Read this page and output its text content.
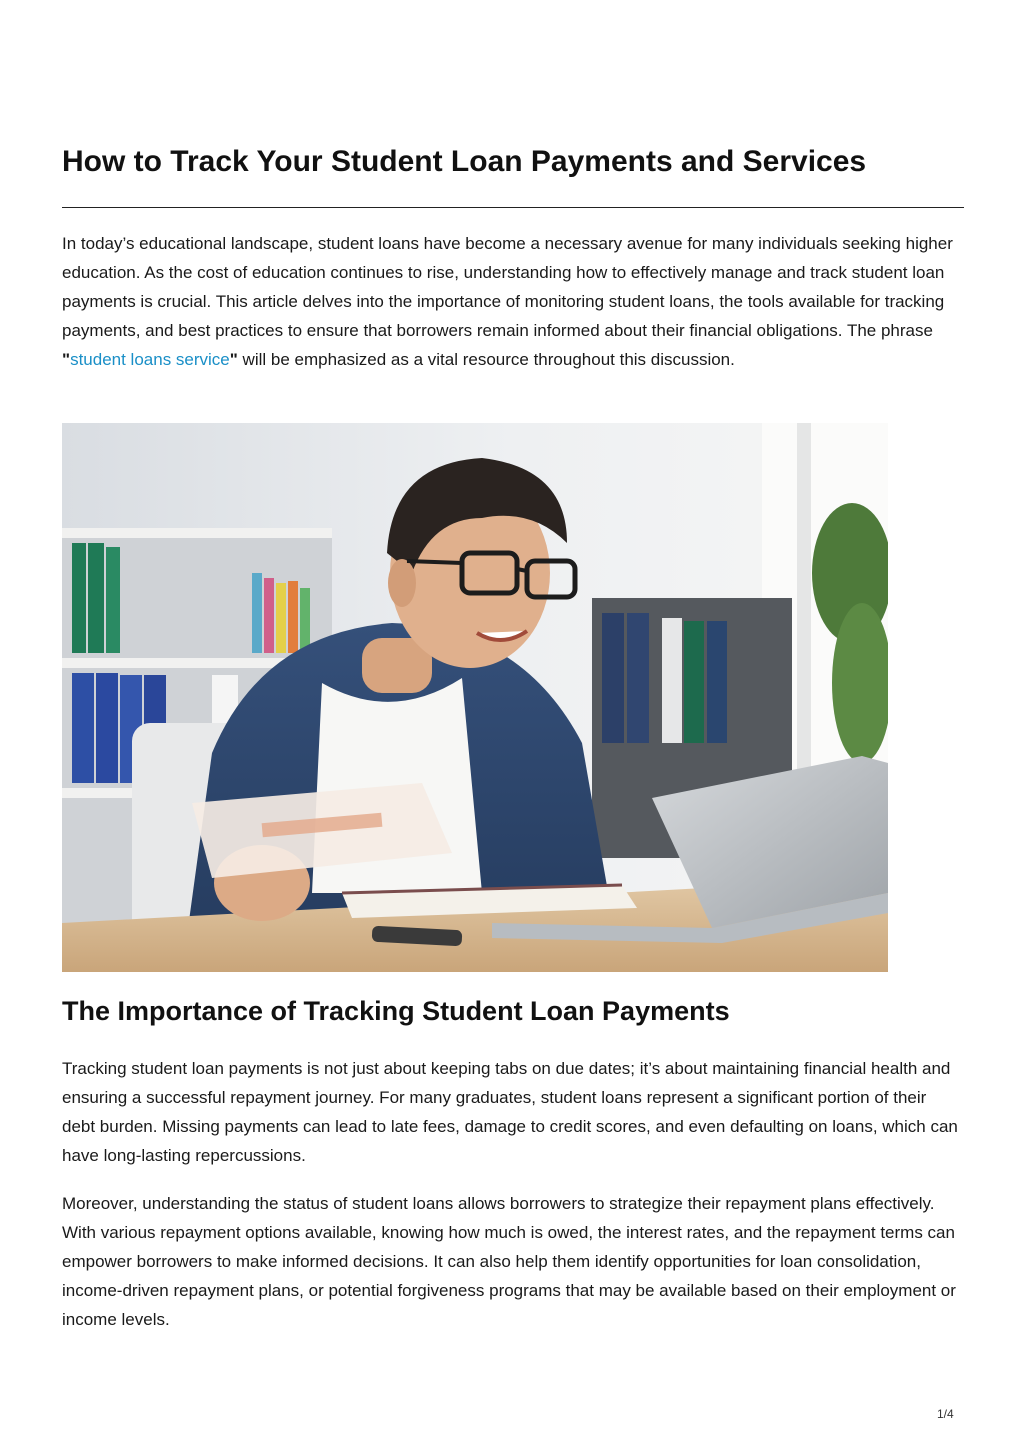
How to Track Your Student Loan Payments and Services

In today’s educational landscape, student loans have become a necessary avenue for many individuals seeking higher education. As the cost of education continues to rise, understanding how to effectively manage and track student loan payments is crucial. This article delves into the importance of monitoring student loans, the tools available for tracking payments, and best practices to ensure that borrowers remain informed about their financial obligations. The phrase "student loans service" will be emphasized as a vital resource throughout this discussion.

The Importance of Tracking Student Loan Payments

Tracking student loan payments is not just about keeping tabs on due dates; it’s about maintaining financial health and ensuring a successful repayment journey. For many graduates, student loans represent a significant portion of their debt burden. Missing payments can lead to late fees, damage to credit scores, and even defaulting on loans, which can have long-lasting repercussions.

Moreover, understanding the status of student loans allows borrowers to strategize their repayment plans effectively. With various repayment options available, knowing how much is owed, the interest rates, and the repayment terms can empower borrowers to make informed decisions. It can also help them identify opportunities for loan consolidation, income-driven repayment plans, or potential forgiveness programs that may be available based on their employment or income levels.

1/4
